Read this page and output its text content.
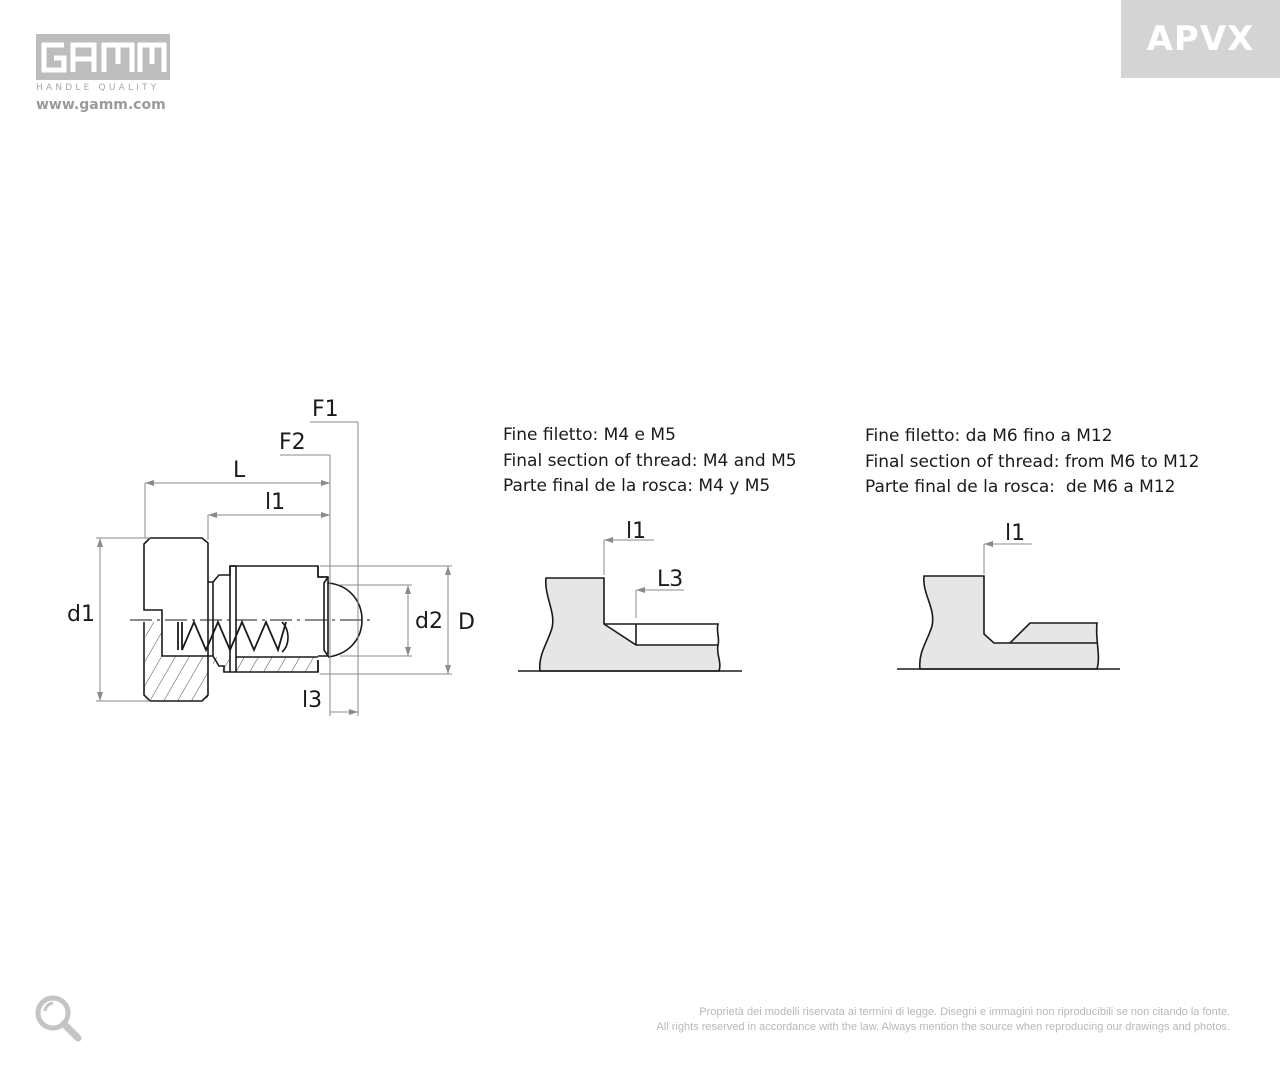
HANDLE QUALITY
www.gamm.com
APVX
F1
F2
L
l1
d1	d2 D
l3
l1
L3
l1
Fine filetto: M4 e M5
Final section of thread: M4 and M5
Parte final de la rosca: M4 y M5
Fine filetto: da M6 fino a M12
Final section of thread: from M6 to M12
Parte final de la rosca:  de M6 a M12
Proprietà dei modelli riservata ai termini di legge. Disegni e immagini non riproducibili se non citando la fonte.
All rights reserved in accordance with the law. Always mention the source when reproducing our drawings and photos.
